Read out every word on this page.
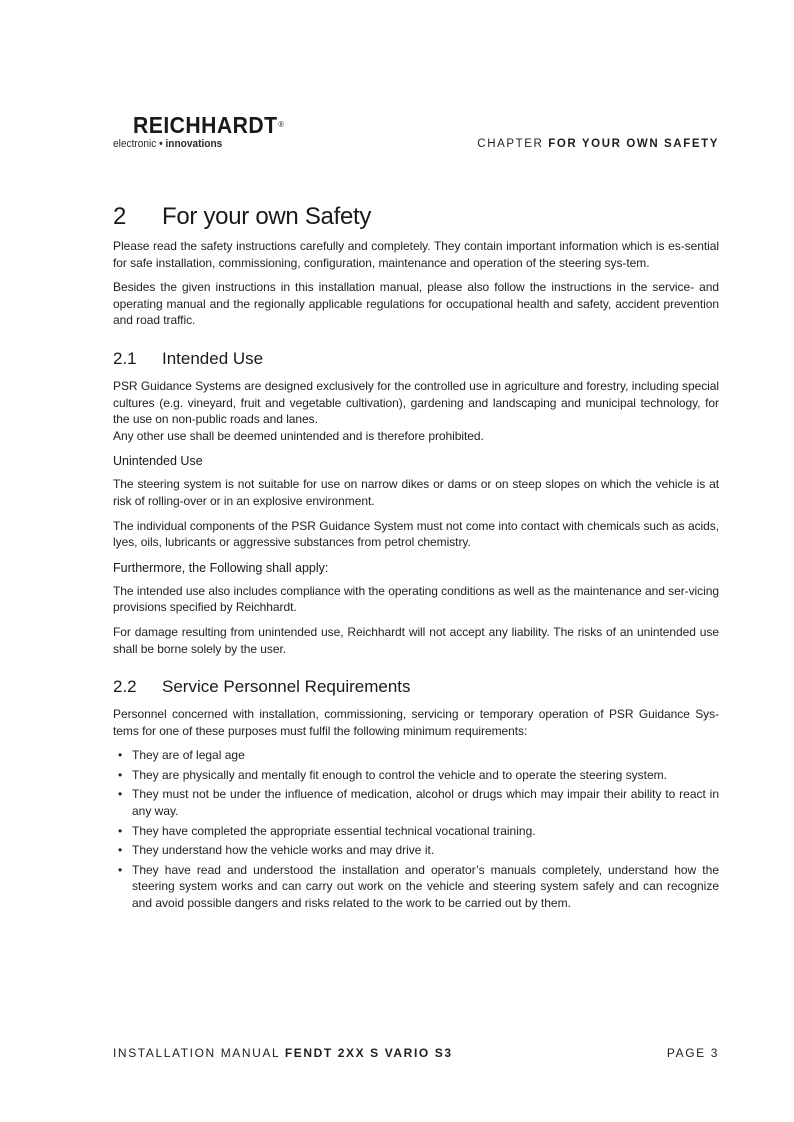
REICHHARDT®
electronic • innovations	CHAPTER FOR YOUR OWN SAFETY
2 For your own Safety

Please read the safety instructions carefully and completely. They contain important information which is es-sential for safe installation, commissioning, configuration, maintenance and operation of the steering sys-tem.

Besides the given instructions in this installation manual, please also follow the instructions in the service- and operating manual and the regionally applicable regulations for occupational health and safety, accident prevention and road traffic.

2.1 Intended Use

PSR Guidance Systems are designed exclusively for the controlled use in agriculture and forestry, including special cultures (e.g. vineyard, fruit and vegetable cultivation), gardening and landscaping and municipal technology, for the use on non-public roads and lanes.

Any other use shall be deemed unintended and is therefore prohibited.

Unintended Use

The steering system is not suitable for use on narrow dikes or dams or on steep slopes on which the vehicle is at risk of rolling-over or in an explosive environment.

The individual components of the PSR Guidance System must not come into contact with chemicals such as acids, lyes, oils, lubricants or aggressive substances from petrol chemistry.

Furthermore, the Following shall apply:

The intended use also includes compliance with the operating conditions as well as the maintenance and ser-vicing provisions specified by Reichhardt.

For damage resulting from unintended use, Reichhardt will not accept any liability. The risks of an unintended use shall be borne solely by the user.

2.2 Service Personnel Requirements

Personnel concerned with installation, commissioning, servicing or temporary operation of PSR Guidance Sys-tems for one of these purposes must fulfil the following minimum requirements:

• They are of legal age
• They are physically and mentally fit enough to control the vehicle and to operate the steering system.
• They must not be under the influence of medication, alcohol or drugs which may impair their ability to react in any way.
• They have completed the appropriate essential technical vocational training.
• They understand how the vehicle works and may drive it.
• They have read and understood the installation and operator’s manuals completely, understand how the steering system works and can carry out work on the vehicle and steering system safely and can recognize and avoid possible dangers and risks related to the work to be carried out by them.
INSTALLATION MANUAL FENDT 2XX S VARIO S3	PAGE 3
